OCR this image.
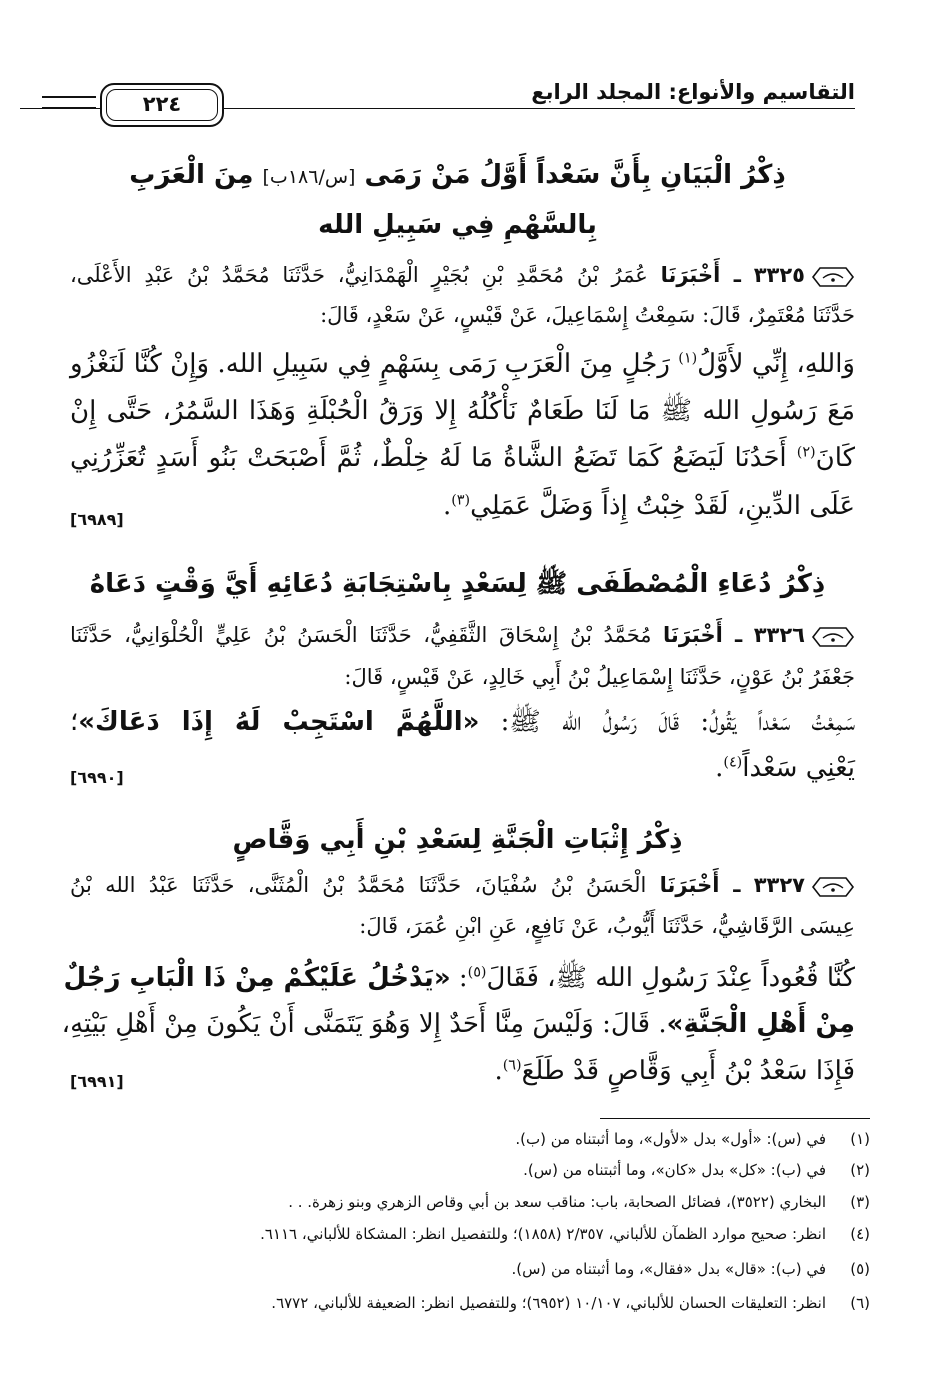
٢٢٤	التقاسيم والأنواع: المجلد الرابع
ذِكْرُ الْبَيَانِ بِأَنَّ سَعْداً أَوَّلُ مَنْ رَمَى [س/١٨٦ب] مِنَ الْعَرَبِ
بِالسَّهْمِ فِي سَبِيلِ الله
٣٣٢٥ ـ أَخْبَرَنَا عُمَرُ بْنُ مُحَمَّدِ بْنِ بُجَيْرٍ الْهَمْدَانِيُّ، حَدَّثَنَا مُحَمَّدُ بْنُ عَبْدِ الأَعْلَى،
حَدَّثَنَا مُعْتَمِرٌ، قَالَ: سَمِعْتُ إِسْمَاعِيلَ، عَنْ قَيْسٍ، عَنْ سَعْدٍ، قَالَ:
وَاللهِ، إِنِّي لأَوَّلُ$^{(١)}$ رَجُلٍ مِنَ الْعَرَبِ رَمَى بِسَهْمٍ فِي سَبِيلِ الله. وَإِنْ كُنَّا لَنَغْزُو
مَعَ رَسُولِ الله ﷺ مَا لَنَا طَعَامٌ نَأْكُلُهُ إِلا وَرَقُ الْحُبْلَةِ وَهَذَا السَّمُرُ، حَتَّى إِنْ
كَانَ$^{(٢)}$ أَحَدُنَا لَيَضَعُ كَمَا تَضَعُ الشَّاةُ مَا لَهُ خِلْطٌ، ثُمَّ أَصْبَحَتْ بَنُو أَسَدٍ تُعَزِّرُنِي
عَلَى الدِّينِ، لَقَدْ خِبْتُ إِذاً وَضَلَّ عَمَلِي$^{(٣)}$.
[٦٩٨٩]
ذِكْرُ دُعَاءِ الْمُصْطَفَى ﷺ لِسَعْدٍ بِاسْتِجَابَةِ دُعَائِهِ أَيَّ وَقْتٍ دَعَاهُ
٣٣٢٦ ـ أَخْبَرَنَا مُحَمَّدُ بْنُ إِسْحَاقَ الثَّقَفِيُّ، حَدَّثَنَا الْحَسَنُ بْنُ عَلِيٍّ الْحُلْوَانِيُّ، حَدَّثَنَا
جَعْفَرُ بْنُ عَوْنٍ، حَدَّثَنَا إِسْمَاعِيلُ بْنُ أَبِي خَالِدٍ، عَنْ قَيْسٍ، قَالَ:
سَمِعْتُ سَعْداً يَقُولُ: قَالَ رَسُولُ الله ﷺ: «اللَّهُمَّ اسْتَجِبْ لَهُ إِذَا دَعَاكَ»؛
يَعْنِي سَعْداً$^{(٤)}$.
[٦٩٩٠]
ذِكْرُ إِثْبَاتِ الْجَنَّةِ لِسَعْدِ بْنِ أَبِي وَقَّاصٍ
٣٣٢٧ ـ أَخْبَرَنَا الْحَسَنُ بْنُ سُفْيَانَ، حَدَّثَنَا مُحَمَّدُ بْنُ الْمُثَنَّى، حَدَّثَنَا عَبْدُ الله بْنُ
عِيسَى الرَّقَاشِيُّ، حَدَّثَنَا أَيُّوبُ، عَنْ نَافِعٍ، عَنِ ابْنِ عُمَرَ، قَالَ:
كُنَّا قُعُوداً عِنْدَ رَسُولِ الله ﷺ، فَقَالَ$^{(٥)}$: «يَدْخُلُ عَلَيْكُمْ مِنْ ذَا الْبَابِ رَجُلٌ
مِنْ أَهْلِ الْجَنَّةِ». قَالَ: وَلَيْسَ مِنَّا أَحَدٌ إِلا وَهُوَ يَتَمَنَّى أَنْ يَكُونَ مِنْ أَهْلِ بَيْتِهِ،
فَإِذَا سَعْدُ بْنُ أَبِي وَقَّاصٍ قَدْ طَلَعَ$^{(٦)}$.
[٦٩٩١]
(١)في (س): «أول» بدل «لأول»، وما أثبتناه من (ب).
(٢)في (ب): «كل» بدل «كان»، وما أثبتناه من (س).
(٣)البخاري (٣٥٢٢)، فضائل الصحابة، باب: مناقب سعد بن أبي وقاص الزهري وبنو زهرة. . .
(٤)انظر: صحيح موارد الظمآن للألباني، ٢/٣٥٧ (١٨٥٨)؛ وللتفصيل انظر: المشكاة للألباني، ٦١١٦.
(٥)في (ب): «قال» بدل «فقال»، وما أثبتناه من (س).
(٦)انظر: التعليقات الحسان للألباني، ١٠/١٠٧ (٦٩٥٢)؛ وللتفصيل انظر: الضعيفة للألباني، ٦٧٧٢.
